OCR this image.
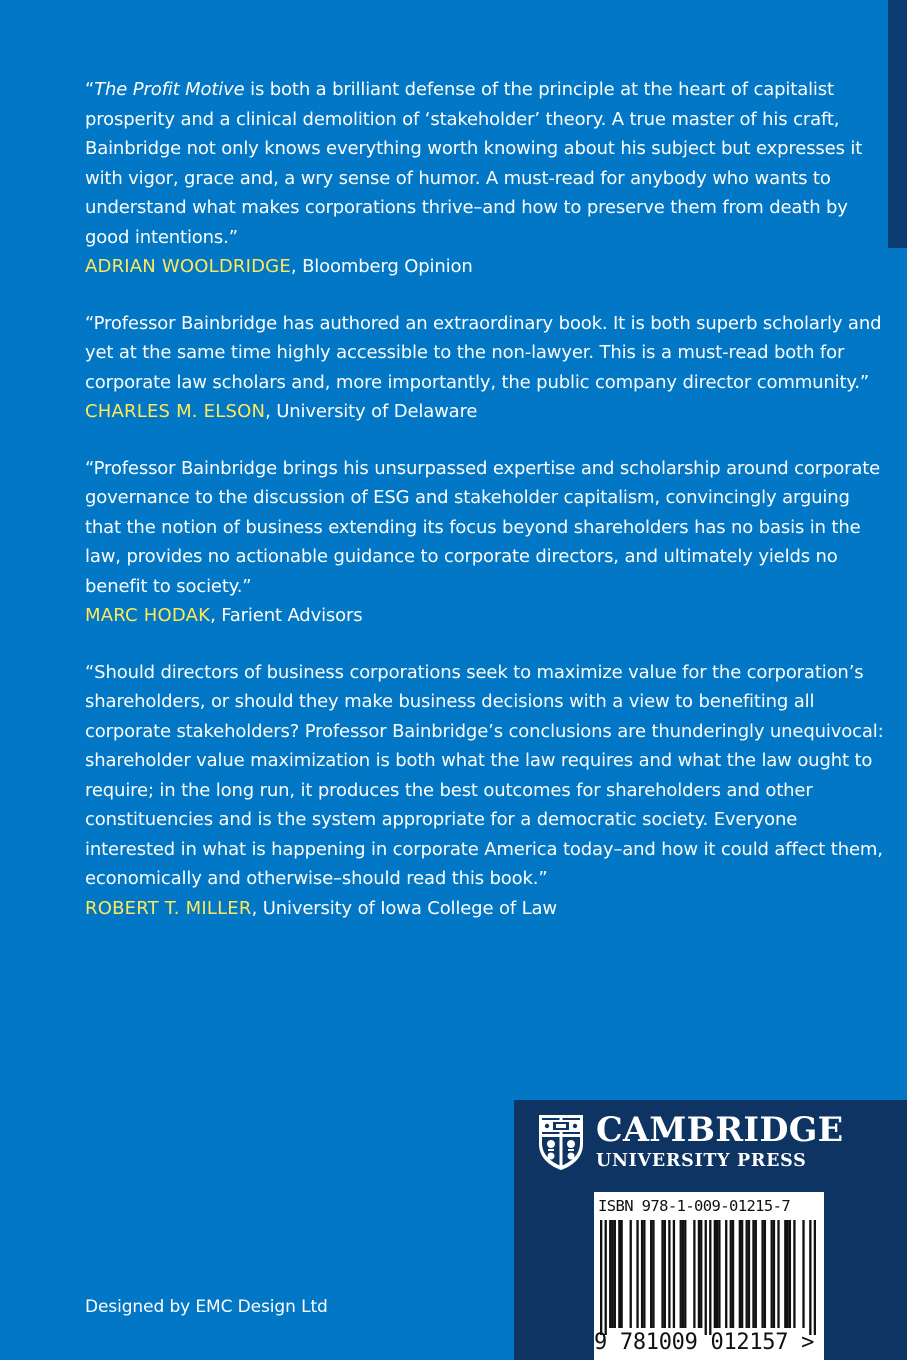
“The Profit Motive is both a brilliant defense of the principle at the heart of capitalist prosperity and a clinical demolition of ‘stakeholder’ theory. A true master of his craft, Bainbridge not only knows everything worth knowing about his subject but expresses it with vigor, grace and, a wry sense of humor. A must-read for anybody who wants to understand what makes corporations thrive–and how to preserve them from death by good intentions.”

ADRIAN WOOLDRIDGE, Bloomberg Opinion

“Professor Bainbridge has authored an extraordinary book. It is both superb scholarly and yet at the same time highly accessible to the non-lawyer. This is a must-read both for corporate law scholars and, more importantly, the public company director community.”

CHARLES M. ELSON, University of Delaware

“Professor Bainbridge brings his unsurpassed expertise and scholarship around corporate governance to the discussion of ESG and stakeholder capitalism, convincingly arguing that the notion of business extending its focus beyond shareholders has no basis in the law, provides no actionable guidance to corporate directors, and ultimately yields no benefit to society.”

MARC HODAK, Farient Advisors

“Should directors of business corporations seek to maximize value for the corporation’s shareholders, or should they make business decisions with a view to benefiting all corporate stakeholders? Professor Bainbridge’s conclusions are thunderingly unequivocal: shareholder value maximization is both what the law requires and what the law ought to require; in the long run, it produces the best outcomes for shareholders and other constituencies and is the system appropriate for a democratic society. Everyone interested in what is happening in corporate America today–and how it could affect them, economically and otherwise–should read this book.”

ROBERT T. MILLER, University of Iowa College of Law

Designed by EMC Design Ltd
CAMBRIDGE
UNIVERSITY PRESS
ISBN 978-1-009-01215-7
9 781009 012157 >
